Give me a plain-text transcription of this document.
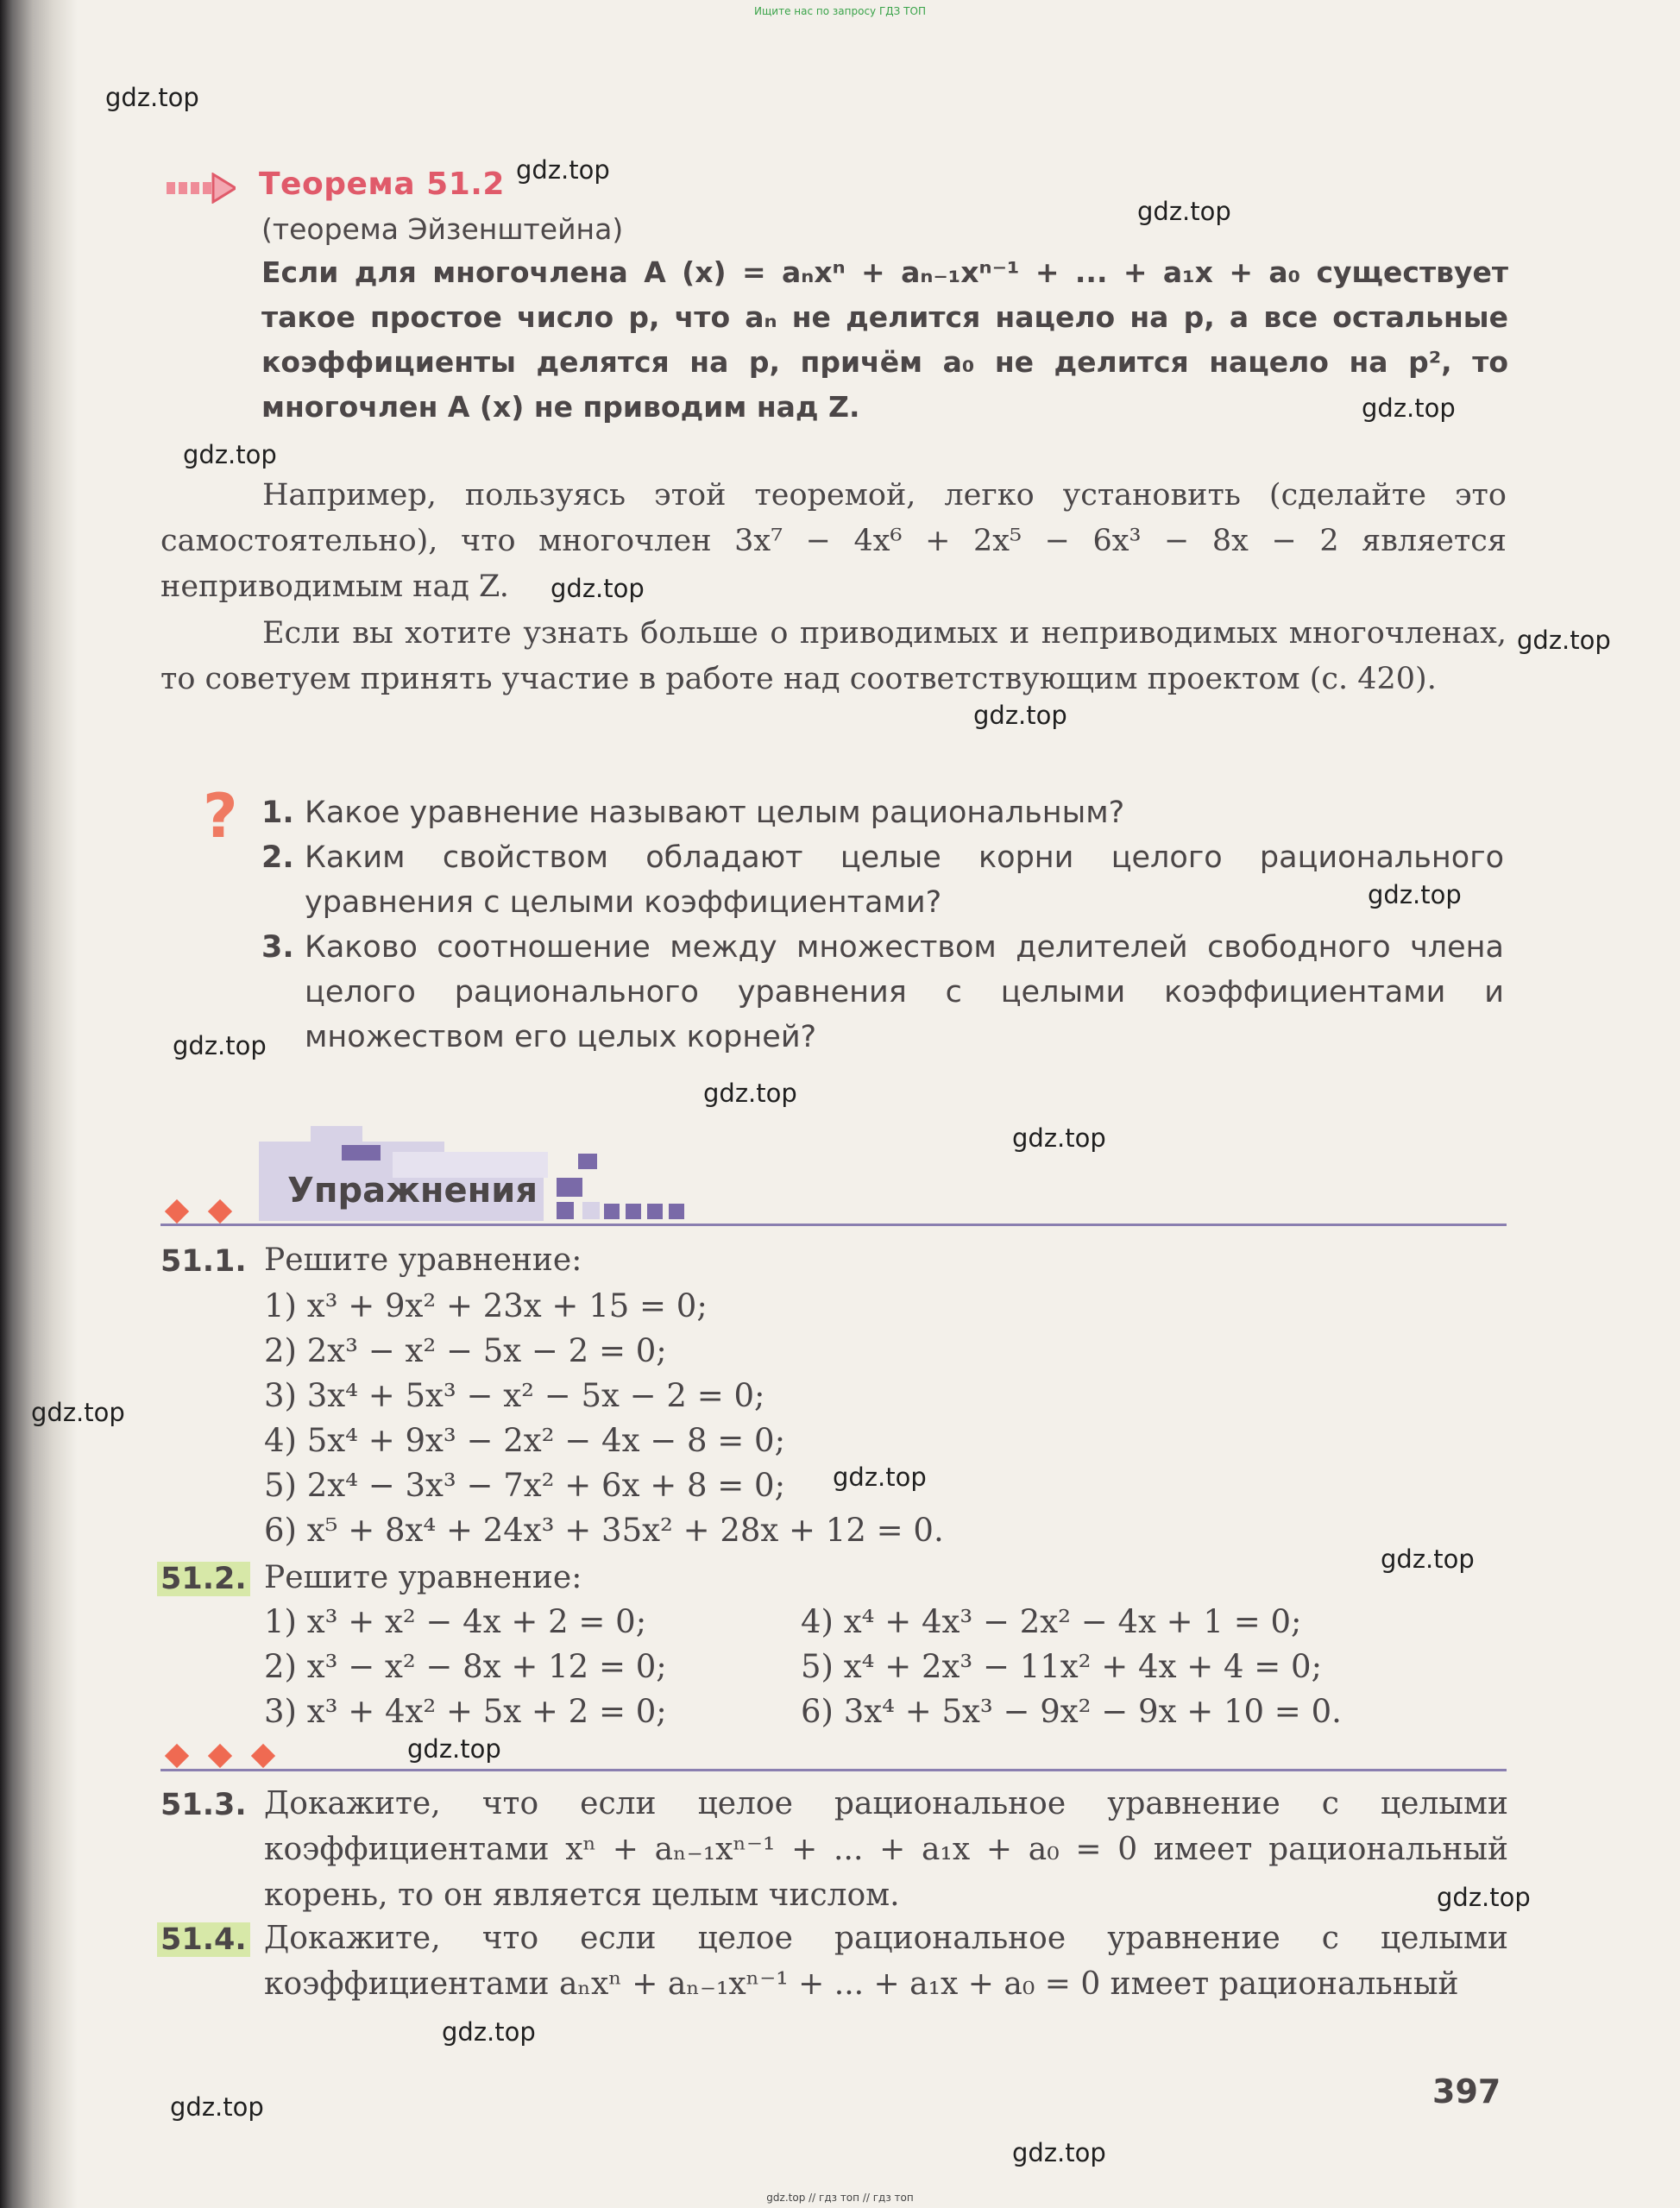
Ищите нас по запросу ГДЗ ТОП
gdz.top
gdz.top
gdz.top
gdz.top
gdz.top
gdz.top
gdz.top
gdz.top
gdz.top
gdz.top
gdz.top
gdz.top
gdz.top
gdz.top
gdz.top
gdz.top
gdz.top
gdz.top
gdz.top
gdz.top
Теорема 51.2
(теорема Эйзенштейна)

Если для многочлена A (x) = aₙxⁿ + aₙ₋₁xⁿ⁻¹ + ... + a₁x + a₀ существует такое простое число p, что aₙ не делится нацело на p, а все остальные коэффициенты делятся на p, причём a₀ не делится нацело на p², то многочлен A (x) не приводим над Z.

Например, пользуясь этой теоремой, легко установить (сделайте это самостоятельно), что многочлен 3x⁷ − 4x⁶ + 2x⁵ − 6x³ − 8x − 2 является неприводимым над Z.

Если вы хотите узнать больше о приводимых и неприводимых многочленах, то советуем принять участие в работе над соответствующим проектом (с. 420).

? 1. Какое уравнение называют целым рациональным?
2. Каким свойством обладают целые корни целого рационального уравнения с целыми коэффициентами?
3. Каково соотношение между множеством делителей свободного члена целого рационального уравнения с целыми коэффициентами и множеством его целых корней?
Упражнения
51.1. Решите уравнение:
1) x³ + 9x² + 23x + 15 = 0;
2) 2x³ − x² − 5x − 2 = 0;
3) 3x⁴ + 5x³ − x² − 5x − 2 = 0;
4) 5x⁴ + 9x³ − 2x² − 4x − 8 = 0;
5) 2x⁴ − 3x³ − 7x² + 6x + 8 = 0;
6) x⁵ + 8x⁴ + 24x³ + 35x² + 28x + 12 = 0.
51.2. Решите уравнение:
1) x³ + x² − 4x + 2 = 0;
2) x³ − x² − 8x + 12 = 0;
3) x³ + 4x² + 5x + 2 = 0;
4) x⁴ + 4x³ − 2x² − 4x + 1 = 0;
5) x⁴ + 2x³ − 11x² + 4x + 4 = 0;
6) 3x⁴ + 5x³ − 9x² − 9x + 10 = 0.
51.3. Докажите, что если целое рациональное уравнение с целыми коэффициентами xⁿ + aₙ₋₁xⁿ⁻¹ + ... + a₁x + a₀ = 0 имеет рациональный корень, то он является целым числом.

51.4. Докажите, что если целое рациональное уравнение с целыми коэффициентами aₙxⁿ + aₙ₋₁xⁿ⁻¹ + ... + a₁x + a₀ = 0 имеет рациональный

397
gdz.top // гдз топ // гдз топ
